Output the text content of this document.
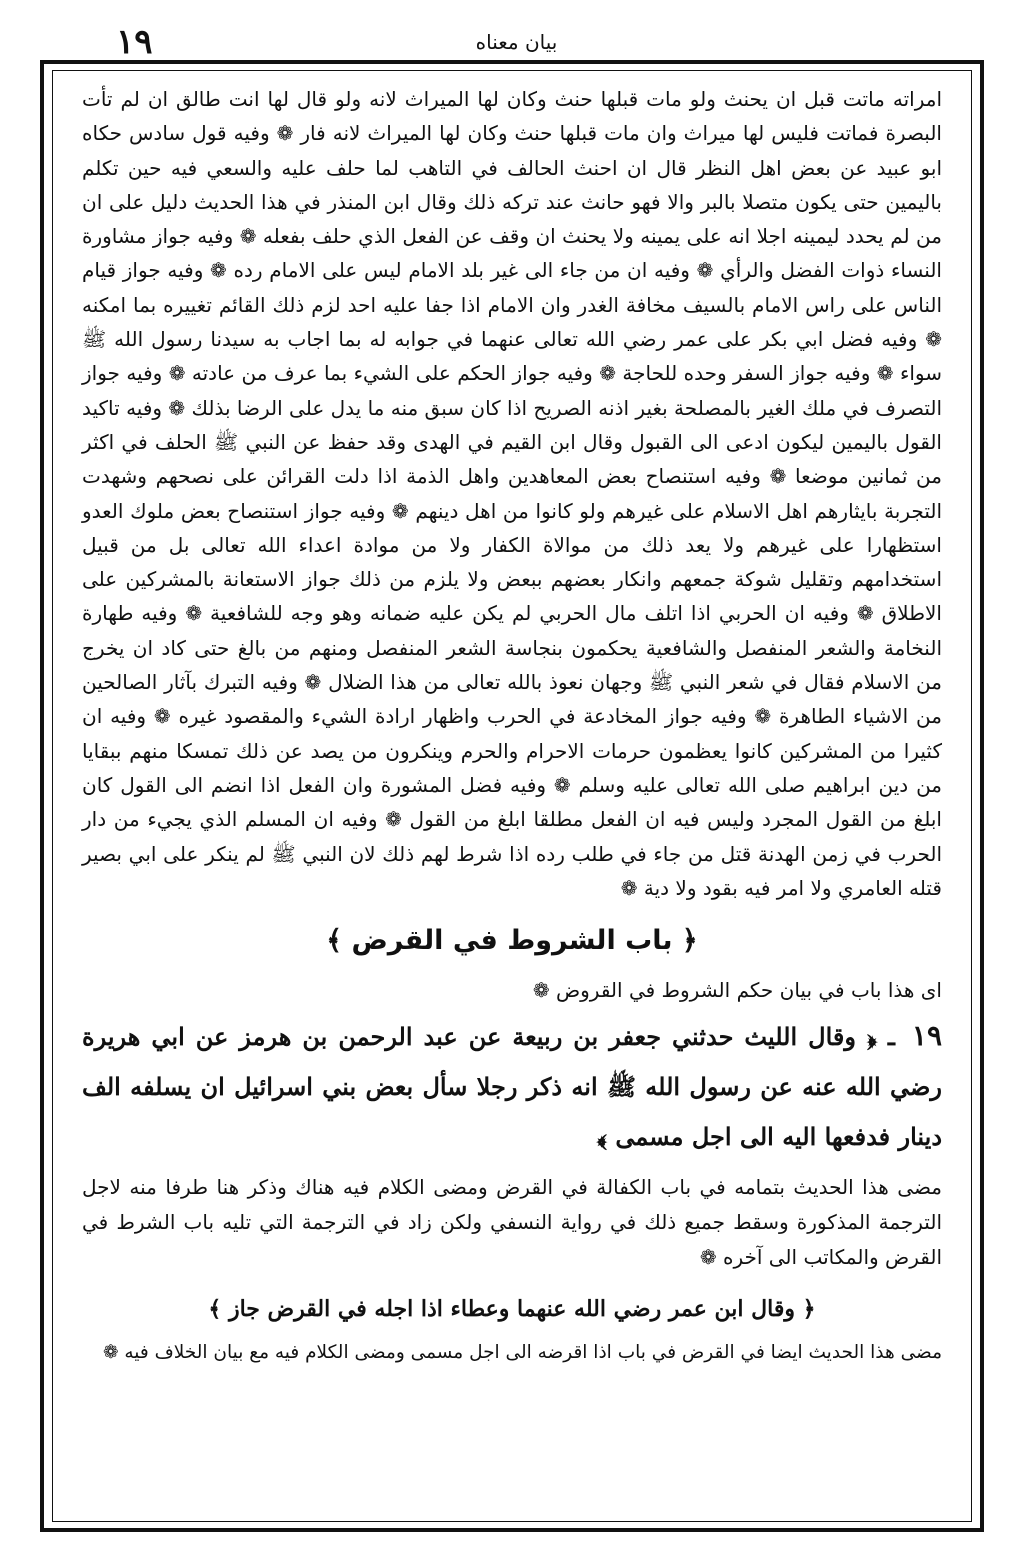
١٩	بیان معناه

امراته ماتت قبل ان يحنث ولو مات قبلها حنث وكان لها الميراث لانه ولو قال لها انت طالق ان لم تأت البصرة فماتت فليس لها ميراث وان مات قبلها حنث وكان لها الميراث لانه فار ❁ وفيه قول سادس حكاه ابو عبيد عن بعض اهل النظر قال ان احنث الحالف في التاهب لما حلف عليه والسعي فيه حين تكلم باليمين حتى يكون متصلا بالبر والا فهو حانث عند تركه ذلك وقال ابن المنذر في هذا الحديث دليل على ان من لم يحدد ليمينه اجلا انه على يمينه ولا يحنث ان وقف عن الفعل الذي حلف بفعله ❁ وفيه جواز مشاورة النساء ذوات الفضل والرأي ❁ وفيه ان من جاء الى غير بلد الامام ليس على الامام رده ❁ وفيه جواز قيام الناس على راس الامام بالسيف مخافة الغدر وان الامام اذا جفا عليه احد لزم ذلك القائم تغييره بما امكنه ❁ وفيه فضل ابي بكر على عمر رضي الله تعالى عنهما في جوابه له بما اجاب به سيدنا رسول الله ﷺ سواء ❁ وفيه جواز السفر وحده للحاجة ❁ وفيه جواز الحكم على الشيء بما عرف من عادته ❁ وفيه جواز التصرف في ملك الغير بالمصلحة بغير اذنه الصريح اذا كان سبق منه ما يدل على الرضا بذلك ❁ وفيه تاكيد القول باليمين ليكون ادعى الى القبول وقال ابن القيم في الهدى وقد حفظ عن النبي ﷺ الحلف في اكثر من ثمانين موضعا ❁ وفيه استنصاح بعض المعاهدين واهل الذمة اذا دلت القرائن على نصحهم وشهدت التجربة بايثارهم اهل الاسلام على غيرهم ولو كانوا من اهل دينهم ❁ وفيه جواز استنصاح بعض ملوك العدو استظهارا على غيرهم ولا يعد ذلك من موالاة الكفار ولا من موادة اعداء الله تعالى بل من قبيل استخدامهم وتقليل شوكة جمعهم وانكار بعضهم ببعض ولا يلزم من ذلك جواز الاستعانة بالمشركين على الاطلاق ❁ وفيه ان الحربي اذا اتلف مال الحربي لم يكن عليه ضمانه وهو وجه للشافعية ❁ وفيه طهارة النخامة والشعر المنفصل والشافعية يحكمون بنجاسة الشعر المنفصل ومنهم من بالغ حتى كاد ان يخرج من الاسلام فقال في شعر النبي ﷺ وجهان نعوذ بالله تعالى من هذا الضلال ❁ وفيه التبرك بآثار الصالحين من الاشياء الطاهرة ❁ وفيه جواز المخادعة في الحرب واظهار ارادة الشيء والمقصود غيره ❁ وفيه ان كثيرا من المشركين كانوا يعظمون حرمات الاحرام والحرم وينكرون من يصد عن ذلك تمسكا منهم ببقايا من دين ابراهيم صلى الله تعالى عليه وسلم ❁ وفيه فضل المشورة وان الفعل اذا انضم الى القول كان ابلغ من القول المجرد وليس فيه ان الفعل مطلقا ابلغ من القول ❁ وفيه ان المسلم الذي يجيء من دار الحرب في زمن الهدنة قتل من جاء في طلب رده اذا شرط لهم ذلك لان النبي ﷺ لم ينكر على ابي بصير قتله العامري ولا امر فيه بقود ولا دية ❁

﴿ باب الشروط في القرض ﴾

اى هذا باب في بيان حكم الشروط في القروض ❁

١٩ ـ ﴿ وقال الليث حدثني جعفر بن ربيعة عن عبد الرحمن بن هرمز عن ابي هريرة رضي الله عنه عن رسول الله ﷺ انه ذكر رجلا سأل بعض بني اسرائيل ان يسلفه الف دينار فدفعها اليه الى اجل مسمى ﴾

مضى هذا الحديث بتمامه في باب الكفالة في القرض ومضى الكلام فيه هناك وذكر هنا طرفا منه لاجل الترجمة المذكورة وسقط جميع ذلك في رواية النسفي ولكن زاد في الترجمة التي تليه باب الشرط في القرض والمكاتب الى آخره ❁

﴿ وقال ابن عمر رضي الله عنهما وعطاء اذا اجله في القرض جاز ﴾

مضى هذا الحديث ايضا في القرض في باب اذا اقرضه الى اجل مسمى ومضى الكلام فيه مع بيان الخلاف فيه ❁
